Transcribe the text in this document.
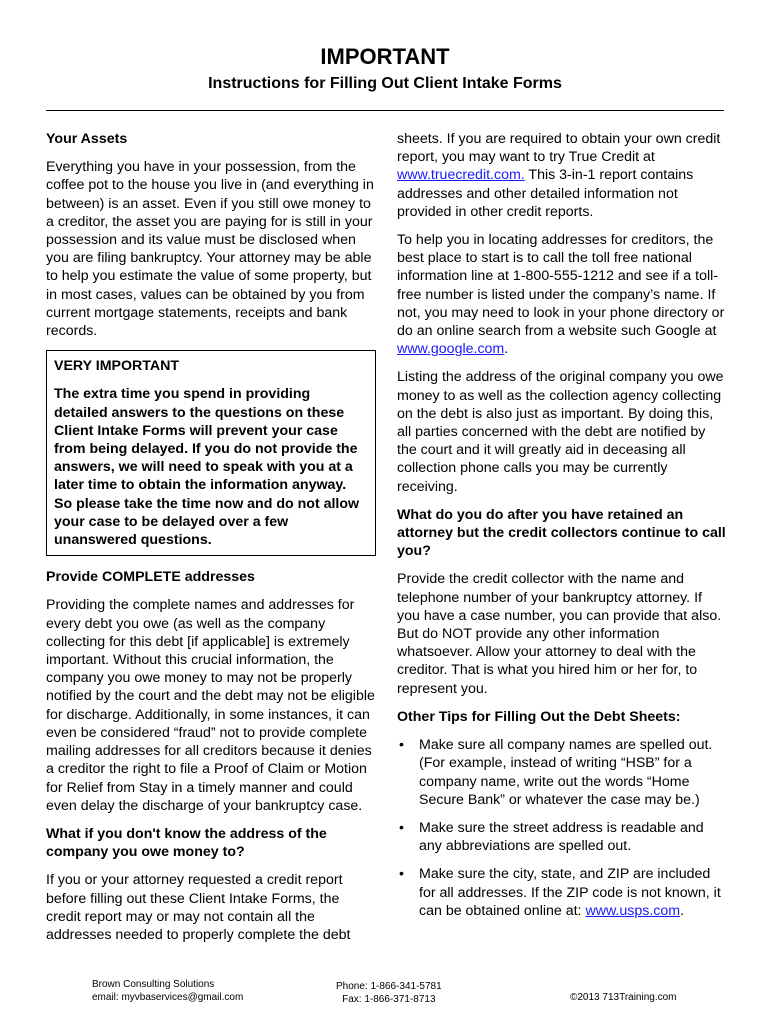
IMPORTANT
Instructions for Filling Out Client Intake Forms
Your Assets

Everything you have in your possession, from the coffee pot to the house you live in (and everything in between) is an asset. Even if you still owe money to a creditor, the asset you are paying for is still in your possession and its value must be disclosed when you are filing bankruptcy. Your attorney may be able to help you estimate the value of some property, but in most cases, values can be obtained by you from current mortgage statements, receipts and bank records.

VERY IMPORTANT
The extra time you spend in providing detailed answers to the questions on these Client Intake Forms will prevent your case from being delayed. If you do not provide the answers, we will need to speak with you at a later time to obtain the information anyway. So please take the time now and do not allow your case to be delayed over a few unanswered questions.
Provide COMPLETE addresses

Providing the complete names and addresses for every debt you owe (as well as the company collecting for this debt [if applicable] is extremely important. Without this crucial information, the company you owe money to may not be properly notified by the court and the debt may not be eligible for discharge. Additionally, in some instances, it can even be considered “fraud” not to provide complete mailing addresses for all creditors because it denies a creditor the right to file a Proof of Claim or Motion for Relief from Stay in a timely manner and could even delay the discharge of your bankruptcy case.

What if you don't know the address of the company you owe money to?

If you or your attorney requested a credit report before filling out these Client Intake Forms, the credit report may or may not contain all the addresses needed to properly complete the debt

sheets. If you are required to obtain your own credit report, you may want to try True Credit at www.truecredit.com. This 3-in-1 report contains addresses and other detailed information not provided in other credit reports.

To help you in locating addresses for creditors, the best place to start is to call the toll free national information line at 1-800-555-1212 and see if a toll-free number is listed under the company’s name. If not, you may need to look in your phone directory or do an online search from a website such Google at www.google.com.

Listing the address of the original company you owe money to as well as the collection agency collecting on the debt is also just as important. By doing this, all parties concerned with the debt are notified by the court and it will greatly aid in deceasing all collection phone calls you may be currently receiving.

What do you do after you have retained an attorney but the credit collectors continue to call you?

Provide the credit collector with the name and telephone number of your bankruptcy attorney. If you have a case number, you can provide that also. But do NOT provide any other information whatsoever. Allow your attorney to deal with the creditor. That is what you hired him or her for, to represent you.

Other Tips for Filling Out the Debt Sheets:
• Make sure all company names are spelled out. (For example, instead of writing “HSB” for a company name, write out the words “Home Secure Bank” or whatever the case may be.)
• Make sure the street address is readable and any abbreviations are spelled out.
• Make sure the city, state, and ZIP are included for all addresses. If the ZIP code is not known, it can be obtained online at: www.usps.com.
Brown Consulting Solutions
email: myvbaservices@gmail.com
Phone: 1-866-341-5781
Fax: 1-866-371-8713	©2013 713Training.com
